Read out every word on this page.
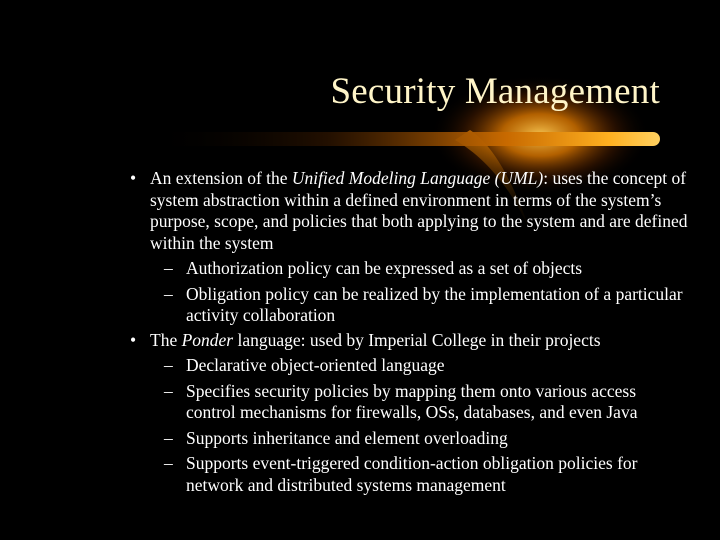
Security Management
• An extension of the Unified Modeling Language (UML): uses the concept of system abstraction within a defined environment in terms of the system’s purpose, scope, and policies that both applying to the system and are defined within the system
– Authorization policy can be expressed as a set of objects
– Obligation policy can be realized by the implementation of a particular activity collaboration
• The Ponder language: used by Imperial College in their projects
– Declarative object-oriented language
– Specifies security policies by mapping them onto various access control mechanisms for firewalls, OSs, databases, and even Java
– Supports inheritance and element overloading
– Supports event-triggered condition-action obligation policies for network and distributed systems management
